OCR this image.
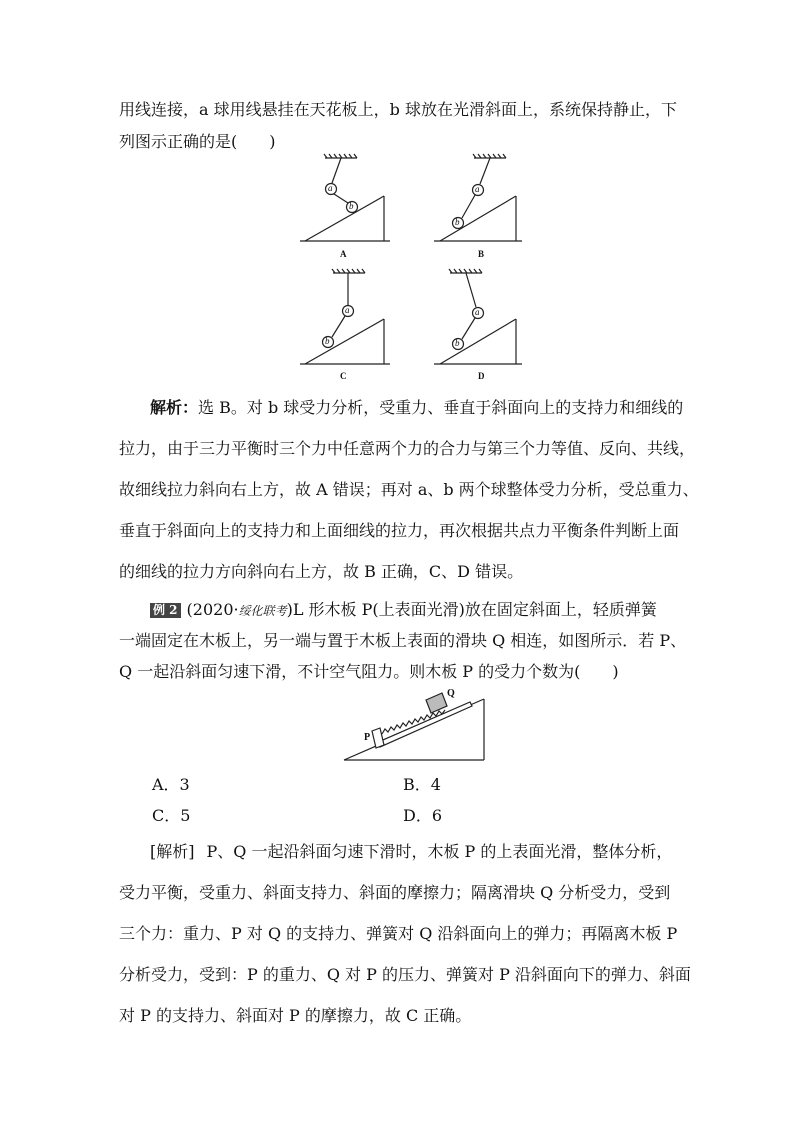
用线连接，a 球用线悬挂在天花板上，b 球放在光滑斜面上，系统保持静止，下
列图示正确的是(　　)
a
b
a
b
a
b
a
b
A	B
C	D
解析：选 B。对 b 球受力分析，受重力、垂直于斜面向上的支持力和细线的
拉力，由于三力平衡时三个力中任意两个力的合力与第三个力等值、反向、共线，
故细线拉力斜向右上方，故 A 错误；再对 a、b 两个球整体受力分析，受总重力、
垂直于斜面向上的支持力和上面细线的拉力，再次根据共点力平衡条件判断上面
的细线的拉力方向斜向右上方，故 B 正确，C、D 错误。
例 2 (2020·绥化联考)L 形木板 P(上表面光滑)放在固定斜面上，轻质弹簧
一端固定在木板上，另一端与置于木板上表面的滑块 Q 相连，如图所示．若 P、
Q 一起沿斜面匀速下滑，不计空气阻力。则木板 P 的受力个数为(　　)
P
Q
A．3	B．4
C．5	D．6
[解析] P、Q 一起沿斜面匀速下滑时，木板 P 的上表面光滑，整体分析，
受力平衡，受重力、斜面支持力、斜面的摩擦力；隔离滑块 Q 分析受力，受到
三个力：重力、P 对 Q 的支持力、弹簧对 Q 沿斜面向上的弹力；再隔离木板 P
分析受力，受到：P 的重力、Q 对 P 的压力、弹簧对 P 沿斜面向下的弹力、斜面
对 P 的支持力、斜面对 P 的摩擦力，故 C 正确。
